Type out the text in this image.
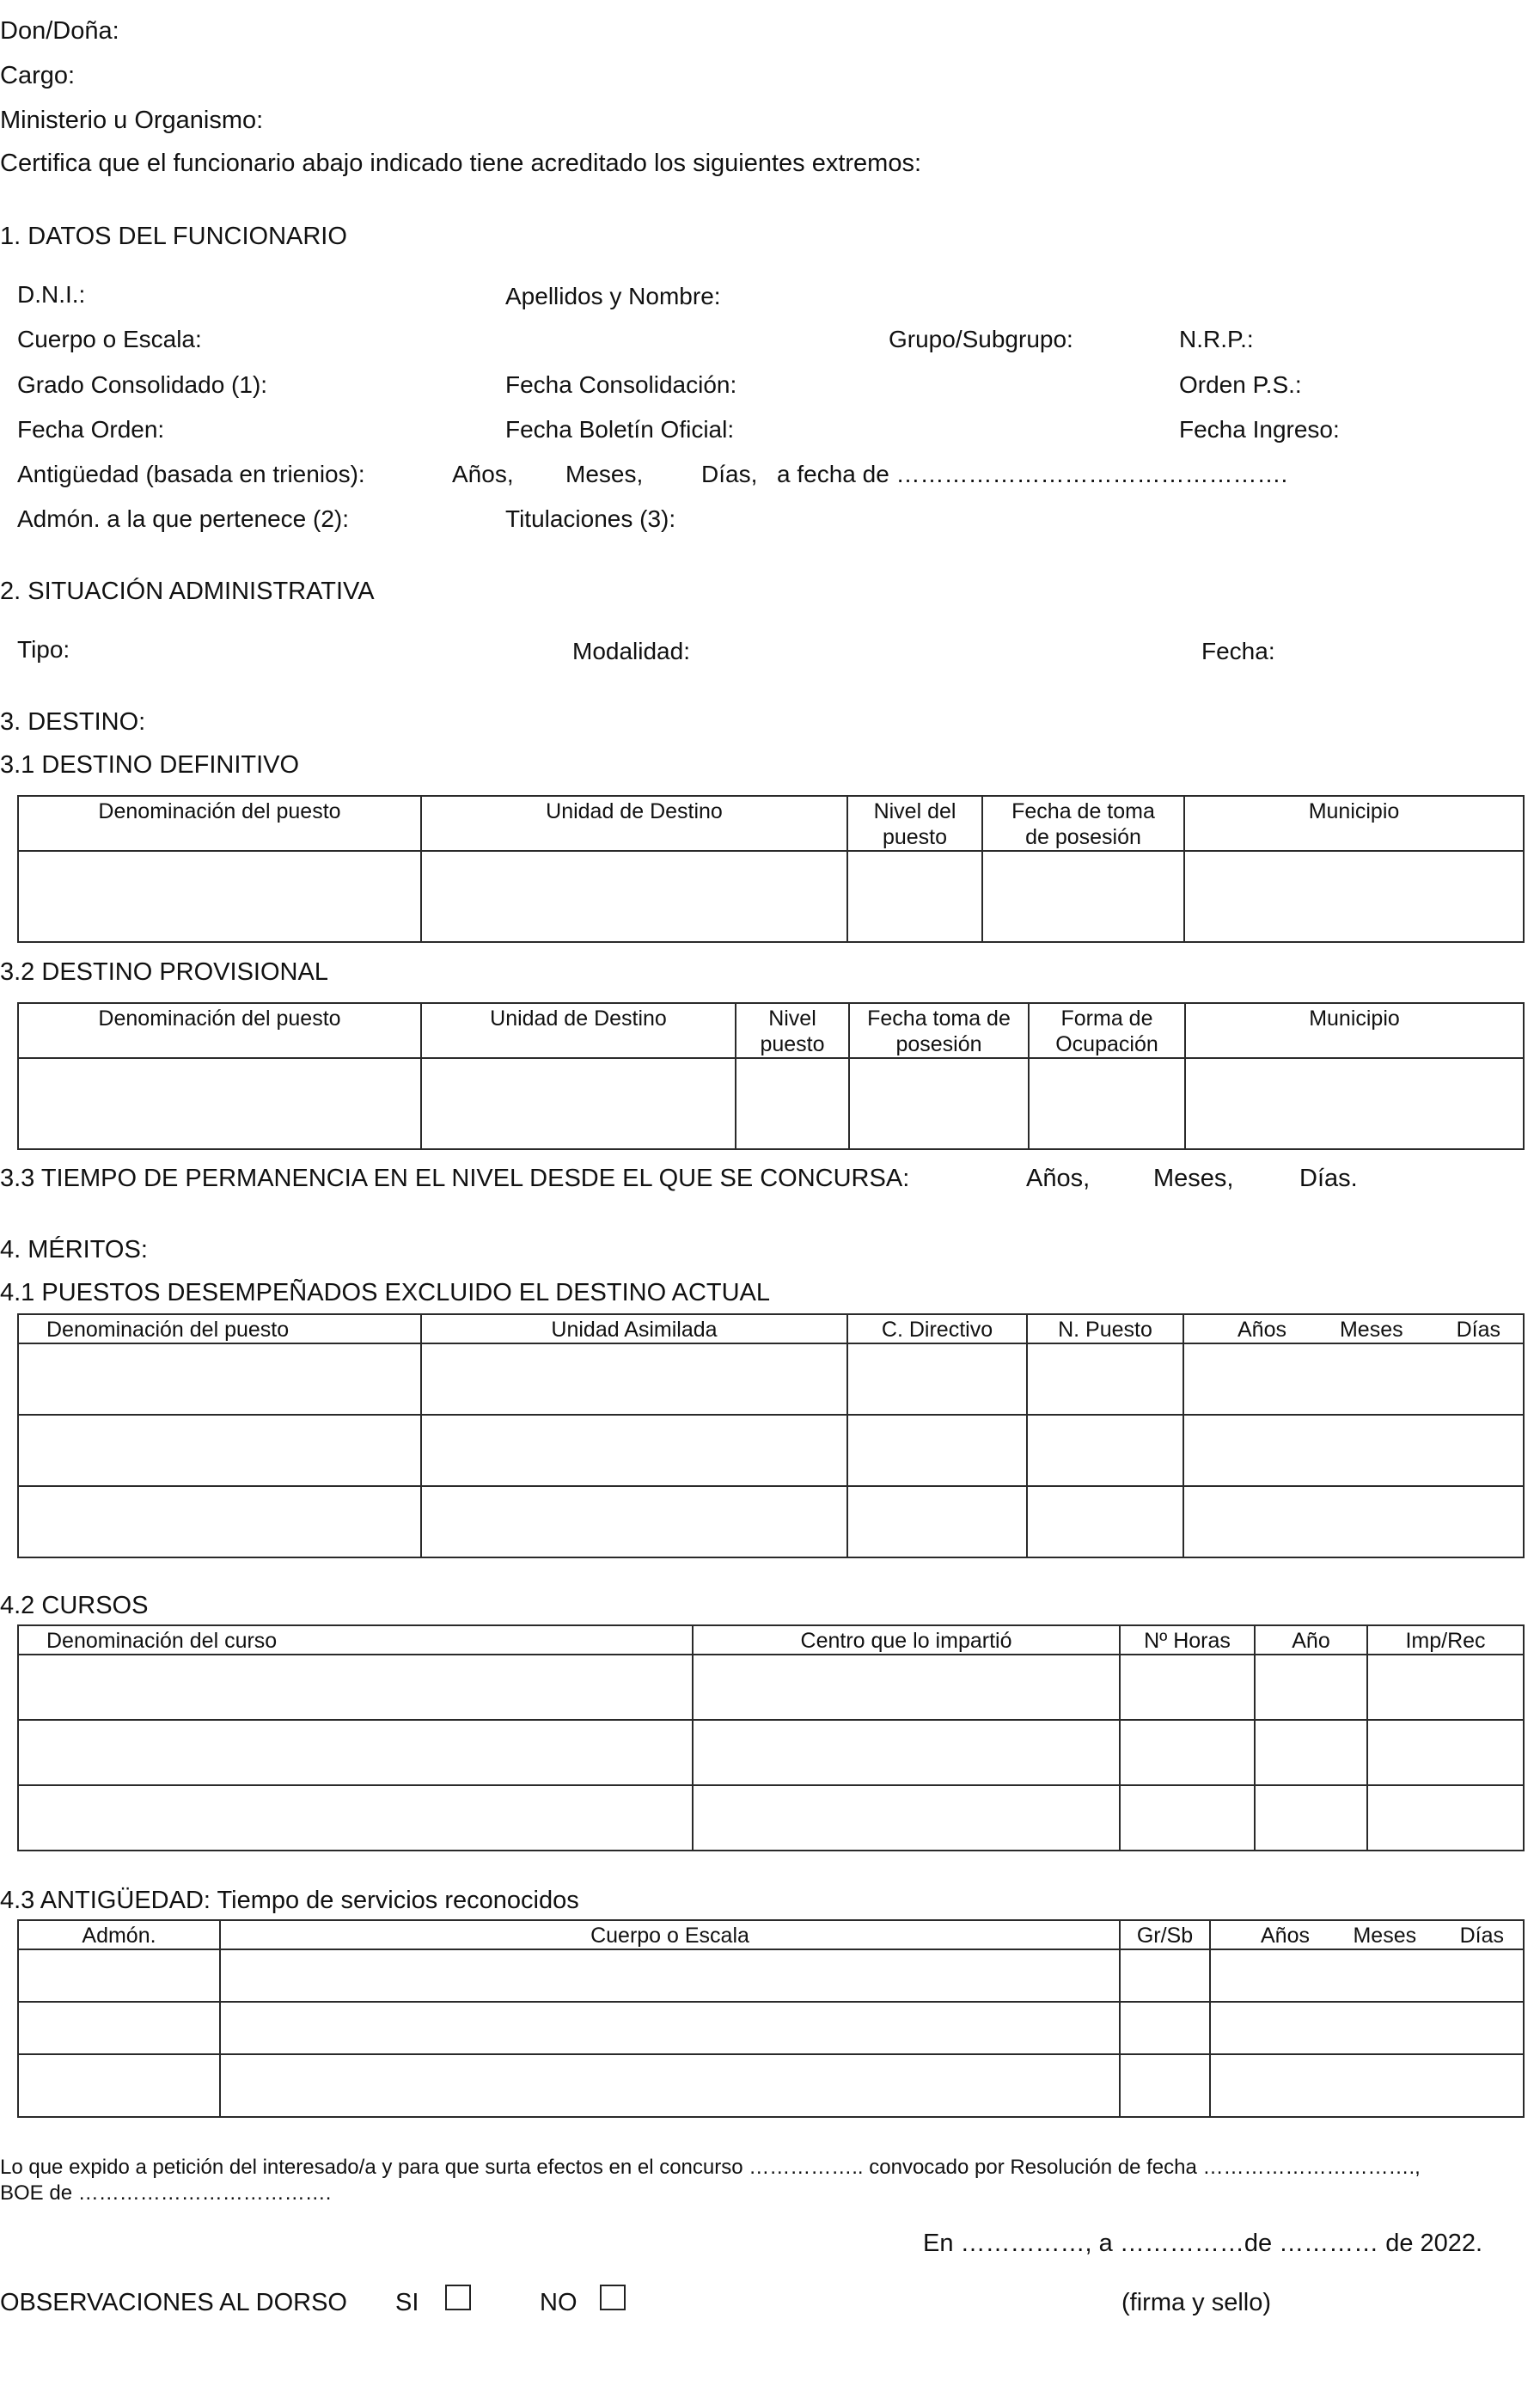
Don/Doña:
Cargo:
Ministerio u Organismo:
Certifica que el funcionario abajo indicado tiene acreditado los siguientes extremos:
1. DATOS DEL FUNCIONARIO
D.N.I.:	Apellidos y Nombre:
Cuerpo o Escala:	Grupo/Subgrupo:	N.R.P.:
Grado Consolidado (1):	Fecha Consolidación:	Orden P.S.:
Fecha Orden:	Fecha Boletín Oficial:	Fecha Ingreso:
Antigüedad (basada en trienios):	Años, Meses, Días, a fecha de ………………………………………….
Admón. a la que pertenece (2):	Titulaciones (3):
2. SITUACIÓN ADMINISTRATIVA
Tipo:	Modalidad:	Fecha:
3. DESTINO:
3.1 DESTINO DEFINITIVO
Denominación del puesto	Unidad de Destino	Nivel del puesto	Fecha de toma de posesión	Municipio

3.2 DESTINO PROVISIONAL
Denominación del puesto	Unidad de Destino	Nivel puesto	Fecha toma de posesión	Forma de Ocupación	Municipio

3.3 TIEMPO DE PERMANENCIA EN EL NIVEL DESDE EL QUE SE CONCURSA:	Años,	Meses,	Días.
4. MÉRITOS:
4.1 PUESTOS DESEMPEÑADOS EXCLUIDO EL DESTINO ACTUAL
Denominación del puesto	Unidad Asimilada	C. Directivo	N. Puesto	Años Meses Días

4.2 CURSOS
Denominación del curso	Centro que lo impartió	Nº Horas	Año	Imp/Rec

4.3 ANTIGÜEDAD: Tiempo de servicios reconocidos
Admón.	Cuerpo o Escala	Gr/Sb	Años Meses Días

Lo que expido a petición del interesado/a y para que surta efectos en el concurso …………….. convocado por Resolución de fecha ………………………….,
BOE de ……………………………….
En ……………, a ……………de ………… de 2022.
OBSERVACIONES AL DORSO SI	NO	(firma y sello)
